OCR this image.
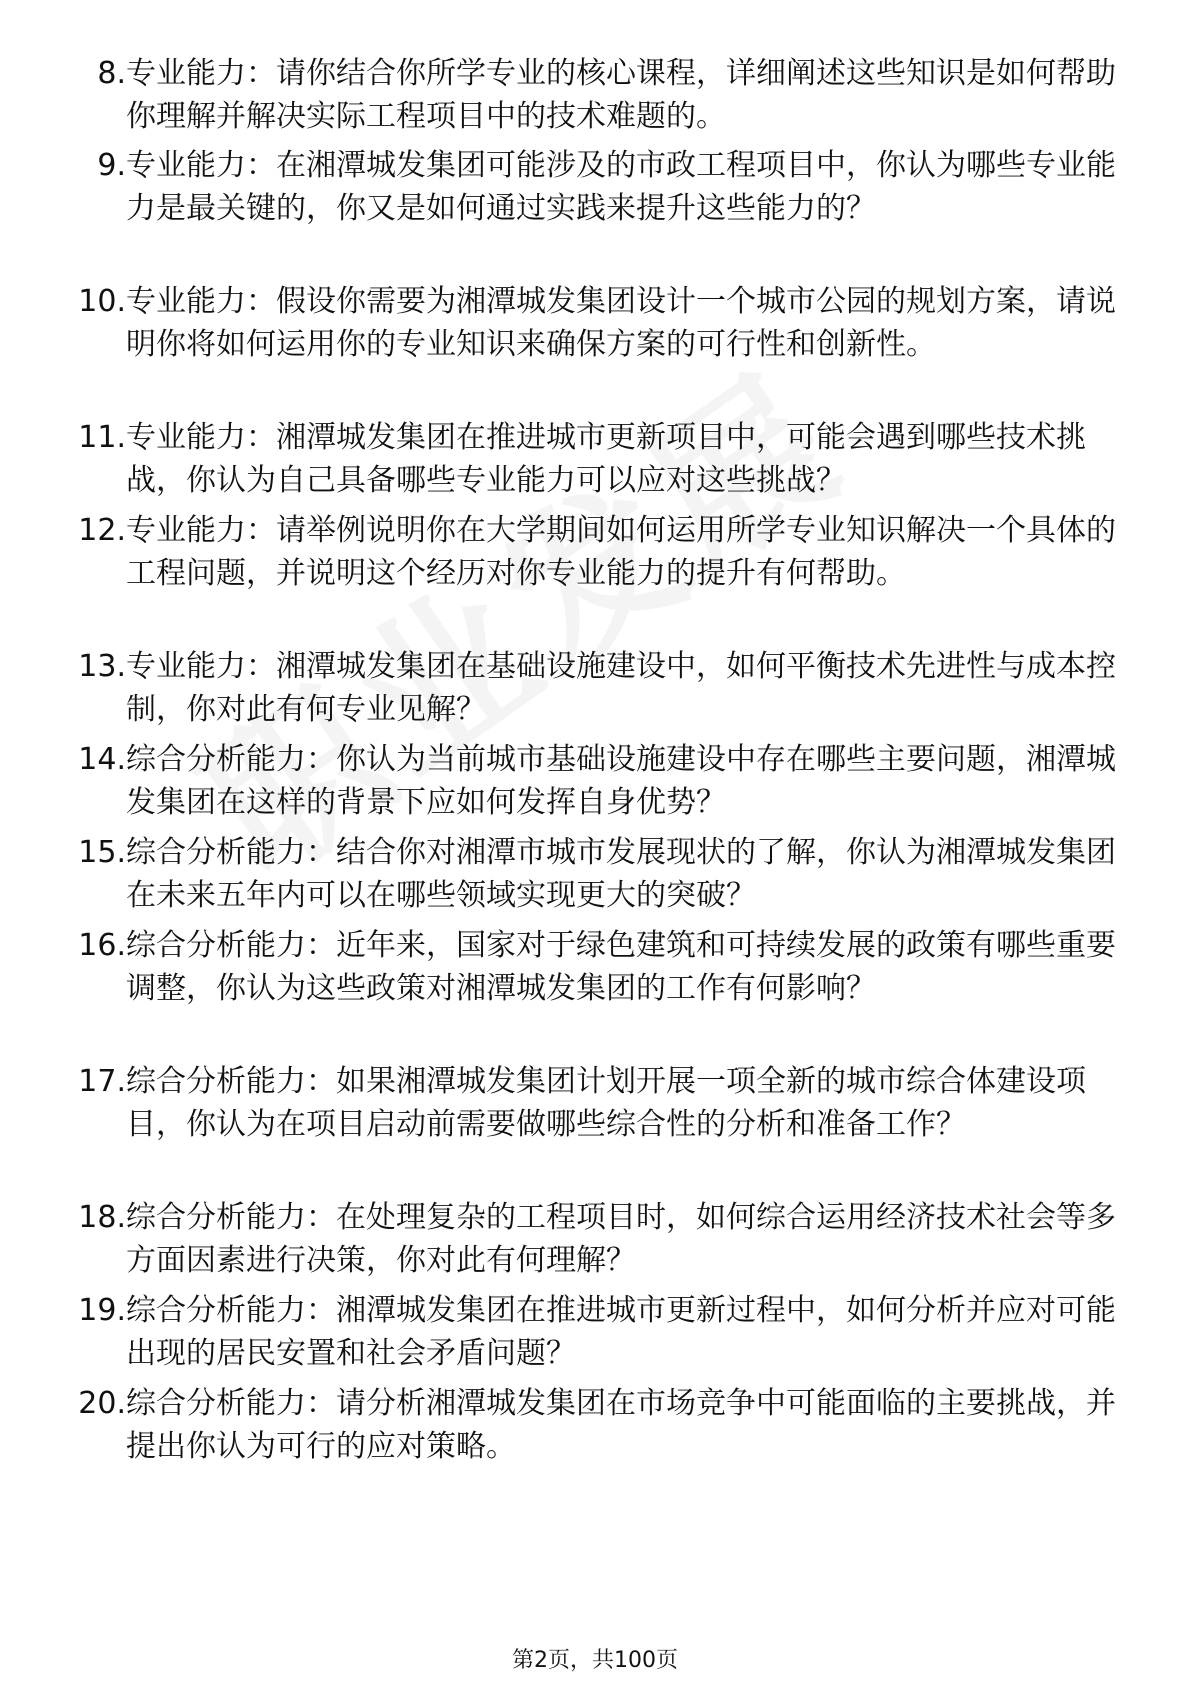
8. 专业能力：请你结合你所学专业的核心课程，详细阐述这些知识是如何帮助你理解并解决实际工程项目中的技术难题的。
9. 专业能力：在湘潭城发集团可能涉及的市政工程项目中，你认为哪些专业能力是最关键的，你又是如何通过实践来提升这些能力的？
10. 专业能力：假设你需要为湘潭城发集团设计一个城市公园的规划方案，请说明你将如何运用你的专业知识来确保方案的可行性和创新性。
11. 专业能力：湘潭城发集团在推进城市更新项目中，可能会遇到哪些技术挑战，你认为自己具备哪些专业能力可以应对这些挑战？
12. 专业能力：请举例说明你在大学期间如何运用所学专业知识解决一个具体的工程问题，并说明这个经历对你专业能力的提升有何帮助。
13. 专业能力：湘潭城发集团在基础设施建设中，如何平衡技术先进性与成本控制，你对此有何专业见解？
14. 综合分析能力：你认为当前城市基础设施建设中存在哪些主要问题，湘潭城发集团在这样的背景下应如何发挥自身优势？
15. 综合分析能力：结合你对湘潭市城市发展现状的了解，你认为湘潭城发集团在未来五年内可以在哪些领域实现更大的突破？
16. 综合分析能力：近年来，国家对于绿色建筑和可持续发展的政策有哪些重要调整，你认为这些政策对湘潭城发集团的工作有何影响？
17. 综合分析能力：如果湘潭城发集团计划开展一项全新的城市综合体建设项目，你认为在项目启动前需要做哪些综合性的分析和准备工作？
18. 综合分析能力：在处理复杂的工程项目时，如何综合运用经济技术社会等多方面因素进行决策，你对此有何理解？
19. 综合分析能力：湘潭城发集团在推进城市更新过程中，如何分析并应对可能出现的居民安置和社会矛盾问题？
20. 综合分析能力：请分析湘潭城发集团在市场竞争中可能面临的主要挑战，并提出你认为可行的应对策略。
第2页，共100页
